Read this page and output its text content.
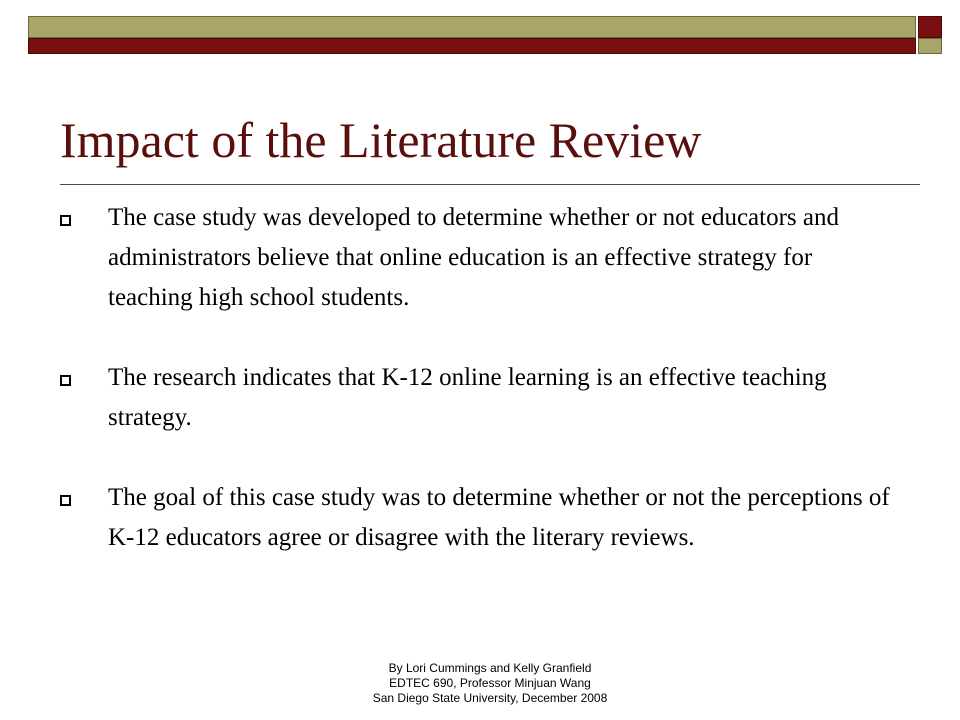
Impact of the Literature Review
The case study was developed to determine whether or not educators and administrators believe that online education is an effective strategy for teaching high school students.
The research indicates that K-12 online learning is an effective teaching strategy.
The goal of this case study was to determine whether or not the perceptions of K-12 educators agree or disagree with the literary reviews.
By Lori Cummings and Kelly Granfield
EDTEC 690, Professor Minjuan Wang
San Diego State University, December 2008
